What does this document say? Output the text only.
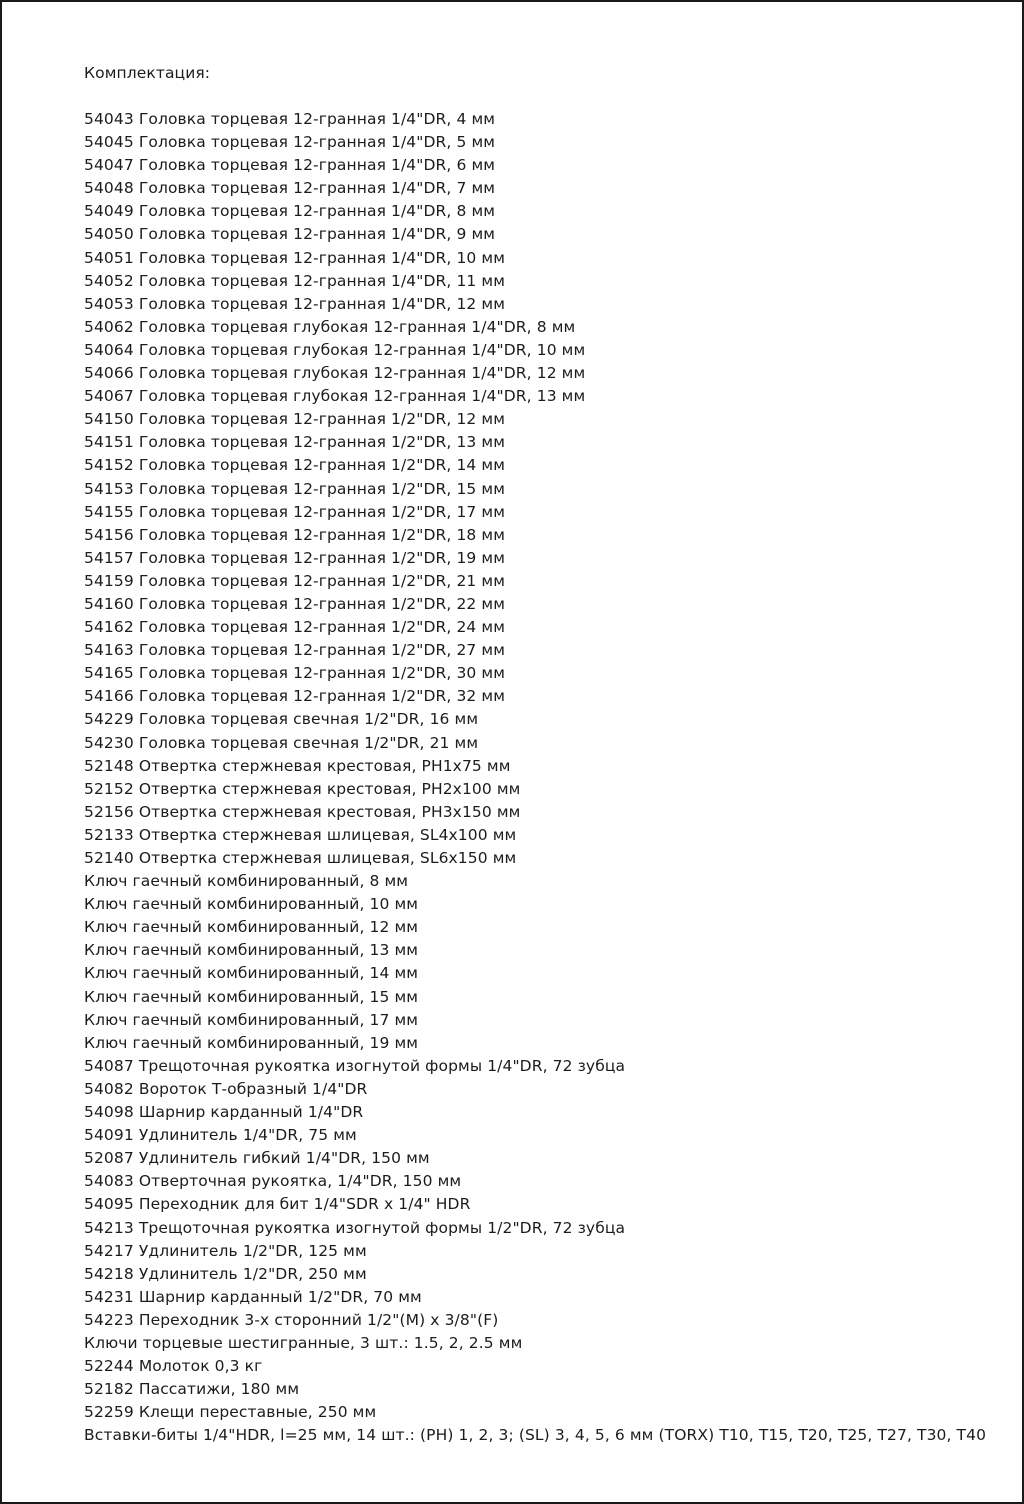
Комплектация:
54043 Головка торцевая 12-гранная 1/4"DR, 4 мм
54045 Головка торцевая 12-гранная 1/4"DR, 5 мм
54047 Головка торцевая 12-гранная 1/4"DR, 6 мм
54048 Головка торцевая 12-гранная 1/4"DR, 7 мм
54049 Головка торцевая 12-гранная 1/4"DR, 8 мм
54050 Головка торцевая 12-гранная 1/4"DR, 9 мм
54051 Головка торцевая 12-гранная 1/4"DR, 10 мм
54052 Головка торцевая 12-гранная 1/4"DR, 11 мм
54053 Головка торцевая 12-гранная 1/4"DR, 12 мм
54062 Головка торцевая глубокая 12-гранная 1/4"DR, 8 мм
54064 Головка торцевая глубокая 12-гранная 1/4"DR, 10 мм
54066 Головка торцевая глубокая 12-гранная 1/4"DR, 12 мм
54067 Головка торцевая глубокая 12-гранная 1/4"DR, 13 мм
54150 Головка торцевая 12-гранная 1/2"DR, 12 мм
54151 Головка торцевая 12-гранная 1/2"DR, 13 мм
54152 Головка торцевая 12-гранная 1/2"DR, 14 мм
54153 Головка торцевая 12-гранная 1/2"DR, 15 мм
54155 Головка торцевая 12-гранная 1/2"DR, 17 мм
54156 Головка торцевая 12-гранная 1/2"DR, 18 мм
54157 Головка торцевая 12-гранная 1/2"DR, 19 мм
54159 Головка торцевая 12-гранная 1/2"DR, 21 мм
54160 Головка торцевая 12-гранная 1/2"DR, 22 мм
54162 Головка торцевая 12-гранная 1/2"DR, 24 мм
54163 Головка торцевая 12-гранная 1/2"DR, 27 мм
54165 Головка торцевая 12-гранная 1/2"DR, 30 мм
54166 Головка торцевая 12-гранная 1/2"DR, 32 мм
54229 Головка торцевая свечная 1/2"DR, 16 мм
54230 Головка торцевая свечная 1/2"DR, 21 мм
52148 Отвертка стержневая крестовая, PH1x75 мм
52152 Отвертка стержневая крестовая, PH2x100 мм
52156 Отвертка стержневая крестовая, PH3x150 мм
52133 Отвертка стержневая шлицевая, SL4x100 мм
52140 Отвертка стержневая шлицевая, SL6x150 мм
Ключ гаечный комбинированный, 8 мм
Ключ гаечный комбинированный, 10 мм
Ключ гаечный комбинированный, 12 мм
Ключ гаечный комбинированный, 13 мм
Ключ гаечный комбинированный, 14 мм
Ключ гаечный комбинированный, 15 мм
Ключ гаечный комбинированный, 17 мм
Ключ гаечный комбинированный, 19 мм
54087 Трещоточная рукоятка изогнутой формы 1/4"DR, 72 зубца
54082 Вороток Т-образный 1/4"DR
54098 Шарнир карданный 1/4"DR
54091 Удлинитель 1/4"DR, 75 мм
52087 Удлинитель гибкий 1/4"DR, 150 мм
54083 Отверточная рукоятка, 1/4"DR, 150 мм
54095 Переходник для бит 1/4"SDR x 1/4" HDR
54213 Трещоточная рукоятка изогнутой формы 1/2"DR, 72 зубца
54217 Удлинитель 1/2"DR, 125 мм
54218 Удлинитель 1/2"DR, 250 мм
54231 Шарнир карданный 1/2"DR, 70 мм
54223 Переходник 3-х сторонний 1/2"(M) x 3/8"(F)
Ключи торцевые шестигранные, 3 шт.: 1.5, 2, 2.5 мм
52244 Молоток 0,3 кг
52182 Пассатижи, 180 мм
52259 Клещи переставные, 250 мм
Вставки-биты 1/4"HDR, l=25 мм, 14 шт.: (PH) 1, 2, 3; (SL) 3, 4, 5, 6 мм (TORX) T10, T15, T20, T25, T27, T30, T40
